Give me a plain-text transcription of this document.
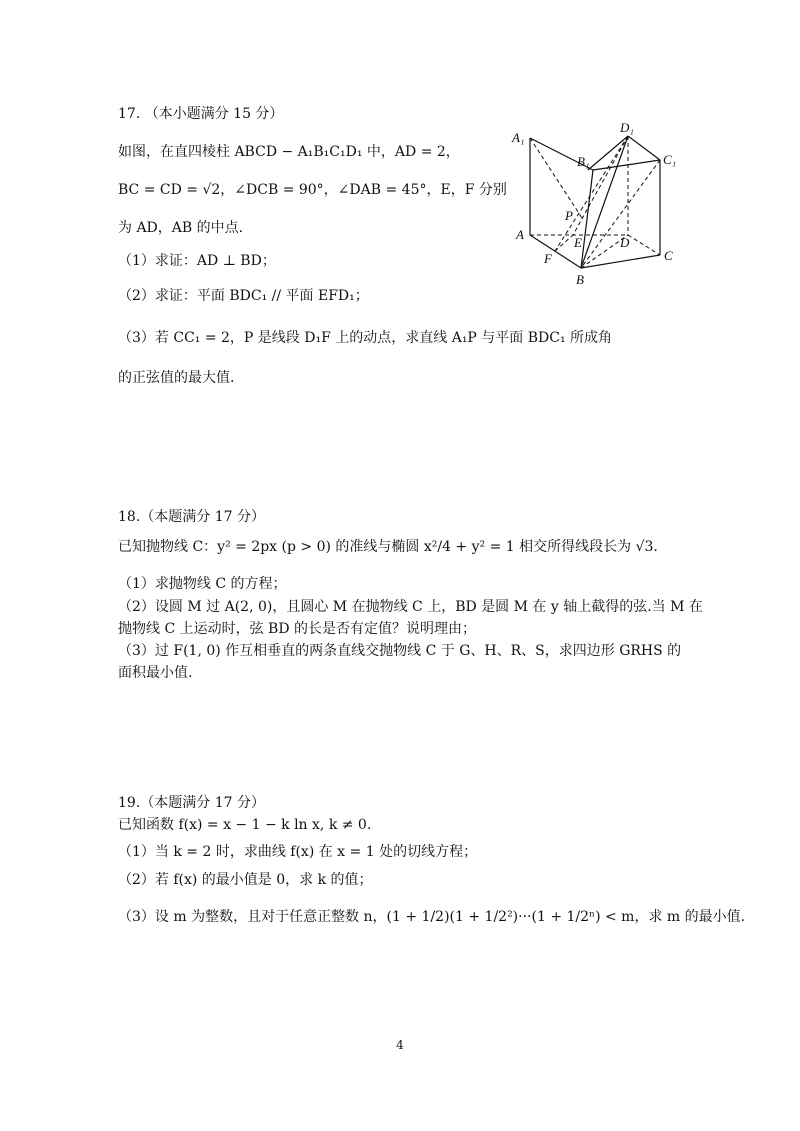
17. （本小题满分 15 分）
如图，在直四棱柱 ABCD − A₁B₁C₁D₁ 中，AD = 2，
BC = CD = √2，∠DCB = 90°，∠DAB = 45°，E，F 分别
为 AD，AB 的中点.
（1）求证：AD ⊥ BD；
（2）求证：平面 BDC₁ // 平面 EFD₁；
（3）若 CC₁ = 2，P 是线段 D₁F 上的动点，求直线 A₁P 与平面 BDC₁ 所成角
的正弦值的最大值.
A₁
D₁
B₁	C₁
P
A
E	D
F
B
C
18.（本题满分 17 分）
已知抛物线 C：y² = 2px (p > 0) 的准线与椭圆 x²/4 + y² = 1 相交所得线段长为 √3.
（1）求抛物线 C 的方程；
（2）设圆 M 过 A(2, 0)，且圆心 M 在抛物线 C 上，BD 是圆 M 在 y 轴上截得的弦.当 M 在
抛物线 C 上运动时，弦 BD 的长是否有定值？说明理由；
（3）过 F(1, 0) 作互相垂直的两条直线交抛物线 C 于 G、H、R、S，求四边形 GRHS 的
面积最小值.
19.（本题满分 17 分）
已知函数 f(x) = x − 1 − k ln x, k ≠ 0.
（1）当 k = 2 时，求曲线 f(x) 在 x = 1 处的切线方程；
（2）若 f(x) 的最小值是 0，求 k 的值；
（3）设 m 为整数，且对于任意正整数 n，(1 + 1/2)(1 + 1/2²)···(1 + 1/2ⁿ) < m，求 m 的最小值.
4
